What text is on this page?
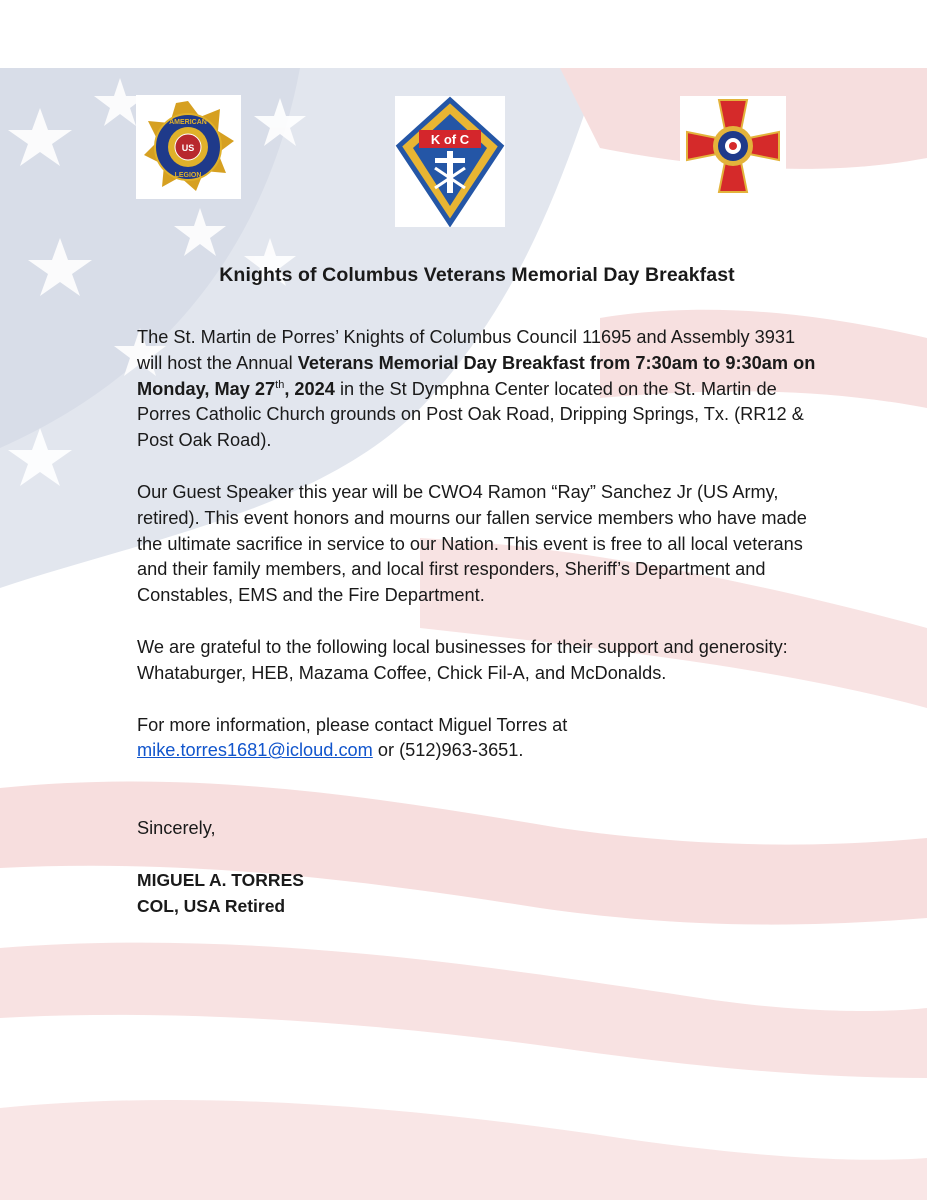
US
AMERICAN
LEGION
K of C
Knights of Columbus Veterans Memorial Day Breakfast

The St. Martin de Porres’ Knights of Columbus Council 11695 and Assembly 3931 will host the Annual Veterans Memorial Day Breakfast from 7:30am to 9:30am on Monday, May 27th, 2024 in the St Dymphna Center located on the St. Martin de Porres Catholic Church grounds on Post Oak Road, Dripping Springs, Tx. (RR12 & Post Oak Road).

Our Guest Speaker this year will be CWO4 Ramon “Ray” Sanchez Jr (US Army, retired). This event honors and mourns our fallen service members who have made the ultimate sacrifice in service to our Nation. This event is free to all local veterans and their family members, and local first responders, Sheriff’s Department and Constables, EMS and the Fire Department.

We are grateful to the following local businesses for their support and generosity: Whataburger, HEB, Mazama Coffee, Chick Fil-A, and McDonalds.

For more information, please contact Miguel Torres at
mike.torres1681@icloud.com or (512)963-3651.

Sincerely,

MIGUEL A. TORRES
COL, USA Retired
